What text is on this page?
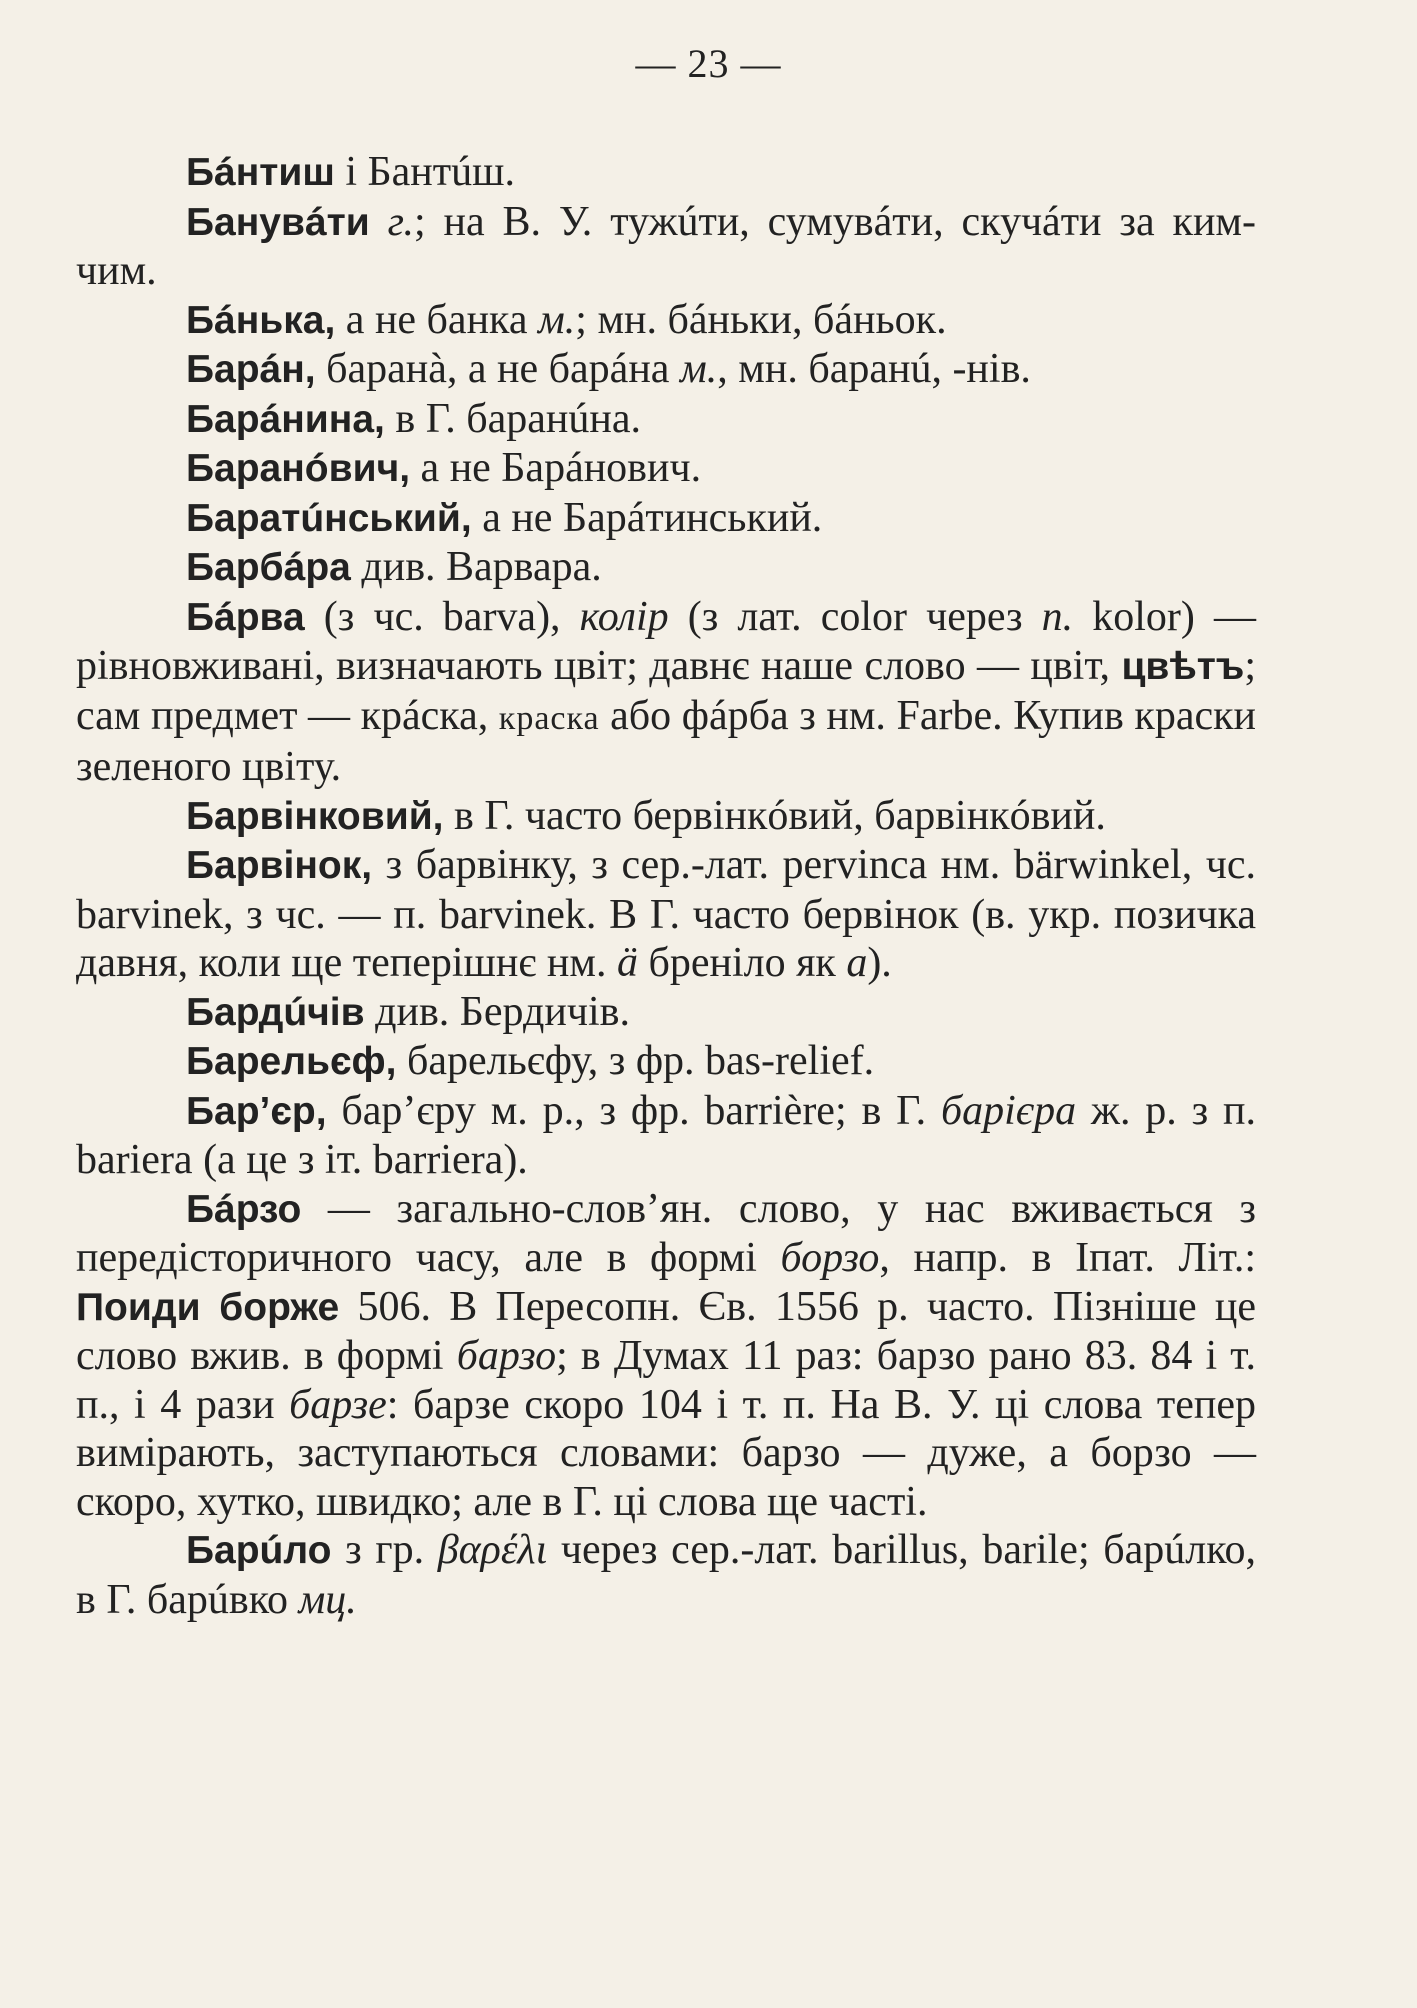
— 23 —

Бáнтиш і Бантúш.

Банувáти г.; на В. У. тужúти, сумувáти, скучáти за ким-чим.

Бáнька, а не банка м.; мн. бáньки, бáньок.

Барáн, баранà, а не барáна м., мн. баранú, -нів.

Барáнина, в Г. баранúна.

Баранóвич, а не Барáнович.

Баратúнський, а не Барáтинський.

Барбáра див. Варвара.

Бáрва (з чс. barva), колір (з лат. color через п. kolor) — рівновживані, визначають цвіт; давнє наше слово — цвіт, цвѣтъ; сам предмет — крáска, краска або фáрба з нм. Farbe. Купив краски зеленого цвіту.

Барвінковий, в Г. часто бервінкóвий, барвінкóвий.

Барвінок, з барвінку, з сер.-лат. pervinca нм. bärwinkel, чс. barvinek, з чс. — п. barvinek. В Г. часто бервінок (в. укр. позичка давня, коли ще теперішнє нм. ä бреніло як а).

Бардúчів див. Бердичів.

Барельєф, барельєфу, з фр. bas-relief.

Бар’єр, бар’єру м. р., з фр. barrière; в Г. барієра ж. р. з п. bariera (а це з іт. barriera).

Бáрзо — загально-слов’ян. слово, у нас вживається з передісторичного часу, але в формі борзо, напр. в Іпат. Літ.: Поиди борже 506. В Пересопн. Єв. 1556 р. часто. Пізніше це слово вжив. в формі барзо; в Думах 11 раз: барзо рано 83. 84 і т. п., і 4 рази барзе: барзе скоро 104 і т. п. На В. У. ці слова тепер вимірають, заступаються словами: барзо — дуже, а борзо — скоро, хутко, швидко; але в Г. ці слова ще часті.

Барúло з гр. βαρέλι через сер.-лат. barillus, barile; барúлко, в Г. барúвко мц.
